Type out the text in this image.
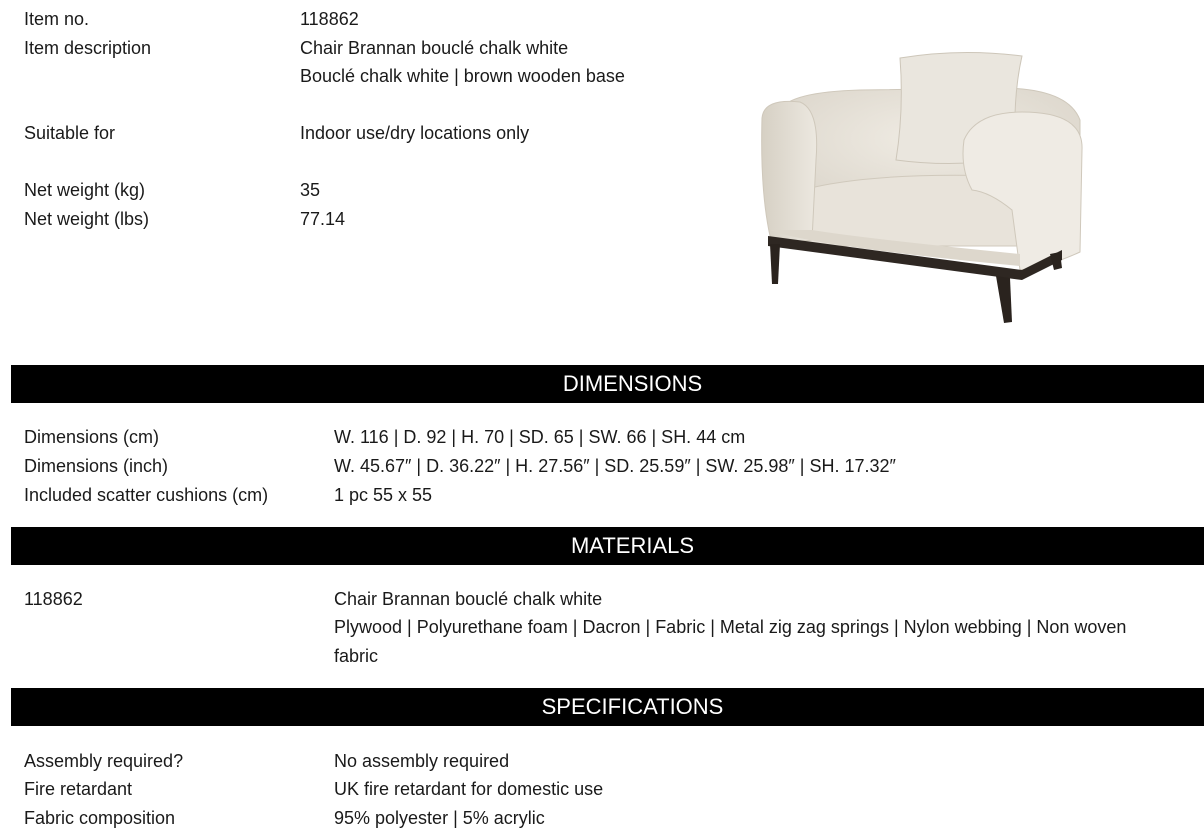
Item no.	118862
Item description	Chair Brannan bouclé chalk white
Bouclé chalk white | brown wooden base
Suitable for	Indoor use/dry locations only
Net weight (kg)	35
Net weight (lbs)	77.14
DIMENSIONS
Dimensions (cm)	W. 116 | D. 92 | H. 70 | SD. 65 | SW. 66 | SH. 44 cm
Dimensions (inch)	W. 45.67″ | D. 36.22″ | H. 27.56″ | SD. 25.59″ | SW. 25.98″ | SH. 17.32″
Included scatter cushions (cm)	1 pc 55 x 55
MATERIALS
118862	Chair Brannan bouclé chalk white
Plywood | Polyurethane foam | Dacron | Fabric | Metal zig zag springs | Nylon webbing | Non woven
fabric
SPECIFICATIONS
Assembly required?	No assembly required
Fire retardant	UK fire retardant for domestic use
Fabric composition	95% polyester | 5% acrylic
